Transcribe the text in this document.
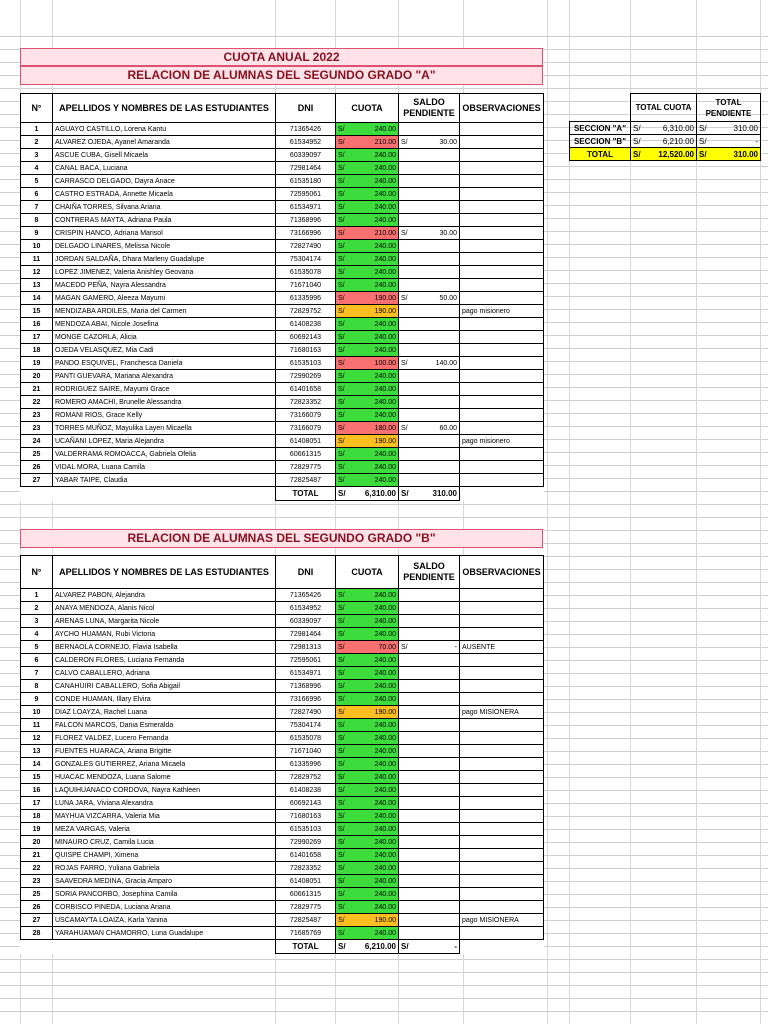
CUOTA ANUAL 2022
RELACION DE ALUMNAS DEL SEGUNDO GRADO "A"
N°	APELLIDOS Y NOMBRES DE LAS ESTUDIANTES	DNI	CUOTA	SALDO PENDIENTE	OBSERVACIONES
1	AGUAYO CASTILLO, Lorena Kantu	71365426	S/ 240.00		

2	ALVAREZ OJEDA, Ayanel Amaranda	61534952	S/ 210.00	S/ 30.00	

3	ASCUE CUBA, Gisell Micaela	60339097	S/ 240.00		

4	CANAL BACA, Luciana	72981464	S/ 240.00		

5	CARRASCO DELGADO, Dayra Anace	61535180	S/ 240.00		

6	CASTRO ESTRADA, Annette Micaela	72595061	S/ 240.00		

7	CHAIÑA TORRES, Silvana Ariana	61534971	S/ 240.00		

8	CONTRERAS MAYTA, Adriana Paula	71368996	S/ 240.00		

9	CRISPIN HANCO, Adriana Marisol	73166996	S/ 210.00	S/ 30.00	

10	DELGADO LINARES, Melissa Nicole	72827490	S/ 240.00		

11	JORDAN SALDAÑA, Dhara Marleny Guadalupe	75304174	S/ 240.00		

12	LOPEZ JIMENEZ, Valeria Anishley Geovana	61535078	S/ 240.00		

13	MACEDO PEÑA, Nayra Alessandra	71671040	S/ 240.00		

14	MAGAN GAMERO, Aleeza Mayumi	61335996	S/ 190.00	S/ 50.00	

15	MENDIZABA ARDILES, Maria del Carmen	72829752	S/ 190.00		pago misionero
16	MENDOZA ABAI, Nicole Josefina	61408238	S/ 240.00		

17	MONGE CAZORLA, Alicia	60692143	S/ 240.00		

18	OJEDA VELASQUEZ, Mia Cadi	71680163	S/ 240.00		

19	PANDO ESQUIVEL, Franchesca Daniela	61535103	S/ 100.00	S/ 140.00	

20	PANTI GUEVARA, Mariana Alexandra	72990269	S/ 240.00		

21	RODRIGUEZ SAIRE, Mayumi Grace	61401658	S/ 240.00		

22	ROMERO AMACHI, Brunelle Alessandra	72823352	S/ 240.00		

23	ROMANI RIOS, Grace Kelly	73166079	S/ 240.00		

23	TORRES MUÑOZ, Mayulika Layen Micaella	73166079	S/ 180.00	S/ 60.00	

24	UCAÑANI LOPEZ, Maria Alejandra	61408051	S/ 190.00		pago misionero
25	VALDERRAMA ROMOACCA, Gabriela Ofelia	60661315	S/ 240.00		

26	VIDAL MORA, Luana Camila	72829775	S/ 240.00		

27	YABAR TAIPE, Claudia	72825487	S/ 240.00		

		TOTAL	S/ 6,310.00	S/ 310.00	

	TOTAL CUOTA	TOTAL PENDIENTE
SECCION "A"	S/ 6,310.00	S/ 310.00

SECCION "B"	S/ 6,210.00	S/ -

TOTAL	S/ 12,520.00	S/ 310.00
RELACION DE ALUMNAS DEL SEGUNDO GRADO "B"
N°	APELLIDOS Y NOMBRES DE LAS ESTUDIANTES	DNI	CUOTA	SALDO PENDIENTE	OBSERVACIONES
1	ALVAREZ PABON, Alejandra	71365426	S/ 240.00		

2	ANAYA MENDOZA, Alanis Nicol	61534952	S/ 240.00		

3	ARENAS LUNA, Margarita Nicole	60339097	S/ 240.00		

4	AYCHO HUAMAN, Rubi Victoria	72981464	S/ 240.00		

5	BERNAOLA CORNEJO, Flavia Isabella	72981313	S/ 70.00	S/ -	AUSENTE
6	CALDERON FLORES, Luciana Fernanda	72595061	S/ 240.00		

7	CALVO CABALLERO, Adriana	61534971	S/ 240.00		

8	CANAHUIRI CABALLERO, Sofia Abigail	71368996	S/ 240.00		

9	CONDE HUAMAN, Illary Elvira	73166996	S/ 240.00		

10	DIAZ LOAYZA, Rachel Luana	72827490	S/ 190.00		pago MISIONERA
11	FALCON MARCOS, Dania Esmeralda	75304174	S/ 240.00		

12	FLOREZ VALDEZ, Lucero Fernanda	61535078	S/ 240.00		

13	FUENTES HUARACA, Ariana Brigitte	71671040	S/ 240.00		

14	GONZALES GUTIERREZ, Ariana Micaela	61335996	S/ 240.00		

15	HUACAC MENDOZA, Luana Salome	72829752	S/ 240.00		

16	LAQUIHUANACO CORDOVA, Nayra Kathleen	61408238	S/ 240.00		

17	LUNA JARA, Viviana Alexandra	60692143	S/ 240.00		

18	MAYHUA VIZCARRA, Valeria Mia	71680163	S/ 240.00		

19	MEZA VARGAS, Valeria	61535103	S/ 240.00		

20	MINAURO CRUZ, Camila Lucia	72990269	S/ 240.00		

21	QUISPE CHAMPI, Ximena	61401658	S/ 240.00		

22	ROJAS FARRO, Yuliana Gabriela	72823352	S/ 240.00		

23	SAAVEDRA MEDINA, Gracia Amparo	61408051	S/ 240.00		

25	SORIA PANCORBO, Josephina Camila	60661315	S/ 240.00		

26	CORBISCO PINEDA, Luciana Ariana	72829775	S/ 240.00		

27	USCAMAYTA LOAIZA, Karla Yanina	72825487	S/ 190.00		pago MISIONERA
28	YARAHUAMAN CHAMORRO, Luna Guadalupe	71685769	S/ 240.00		

		TOTAL	S/ 6,210.00	S/ -	
